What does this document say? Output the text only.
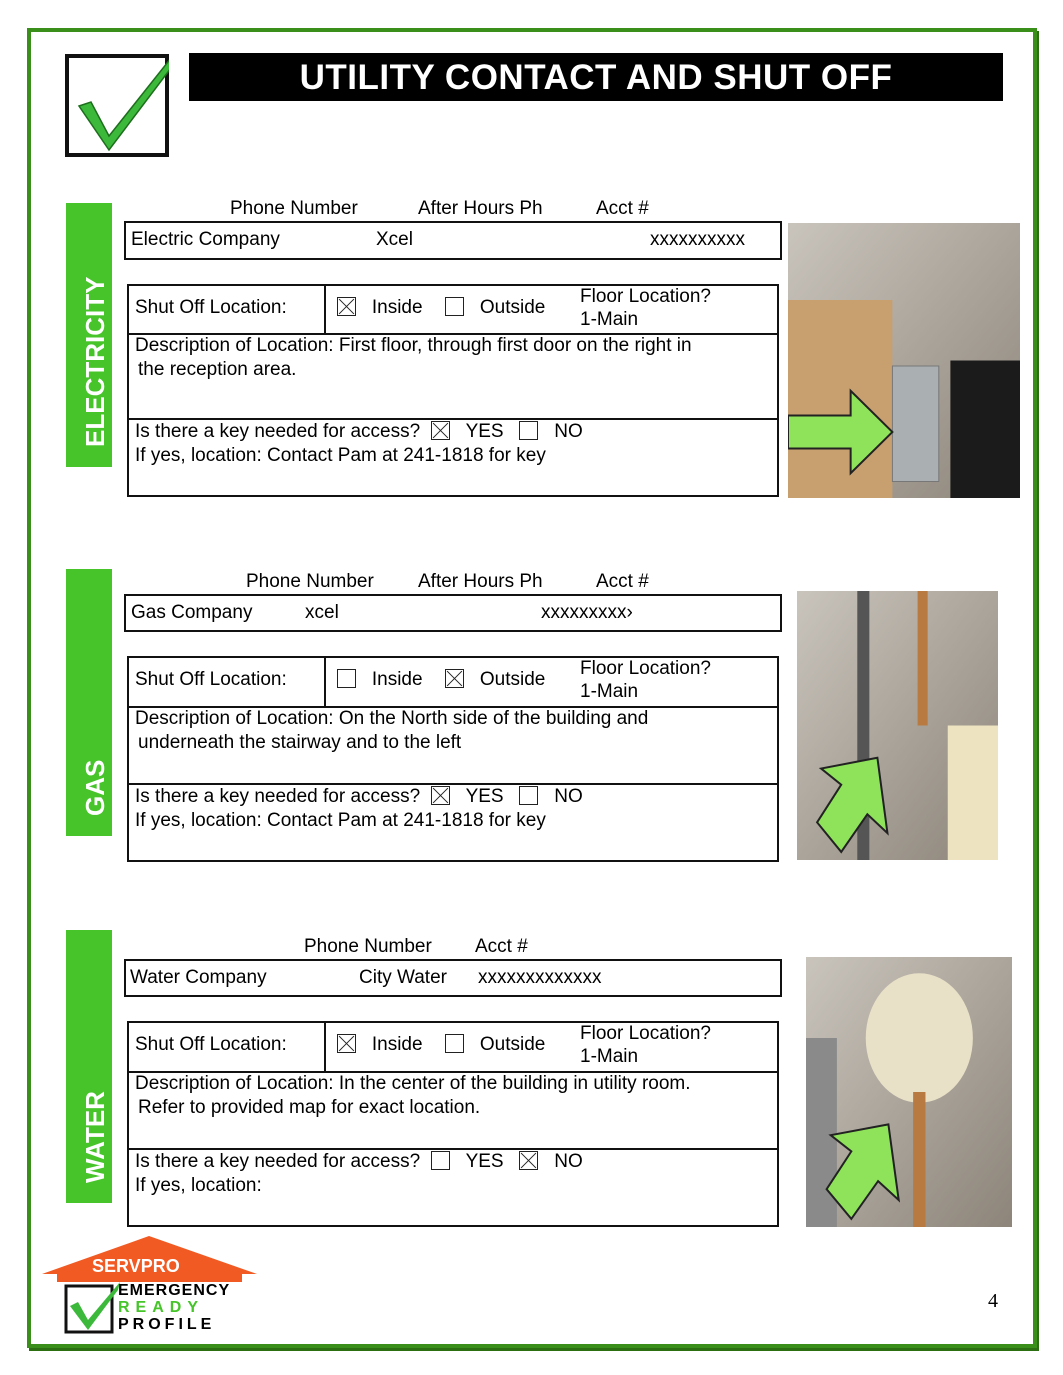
UTILITY CONTACT AND SHUT OFF
ELECTRICITY
Phone Number	After Hours Ph	Acct #
Electric Company	Xcel	xxxxxxxxxx
Shut Off Location:	Inside	Outside
Floor Location?
1-Main
Description of Location: First floor, through first door on the right in
the reception area.
Is there a key needed for access? YES	NO
If yes, location: Contact Pam at 241-1818 for key
GAS
Phone Number After Hours Ph	Acct #
Gas Company	xcel	xxxxxxxxx›
Shut Off Location:	Inside	Outside
Floor Location?
1-Main
Description of Location: On the North side of the building and
underneath the stairway and to the left
Is there a key needed for access? YES	NO
If yes, location: Contact Pam at 241-1818 for key
WATER
Phone Number Acct #
Water Company	City Water xxxxxxxxxxxxx
Shut Off Location:	Inside	Outside
Floor Location?
1-Main
Description of Location: In the center of the building in utility room.
Refer to provided map for exact location.
Is there a key needed for access? YES	NO
If yes, location:
SERVPRO
EMERGENCY
READY
PROFILE
4
